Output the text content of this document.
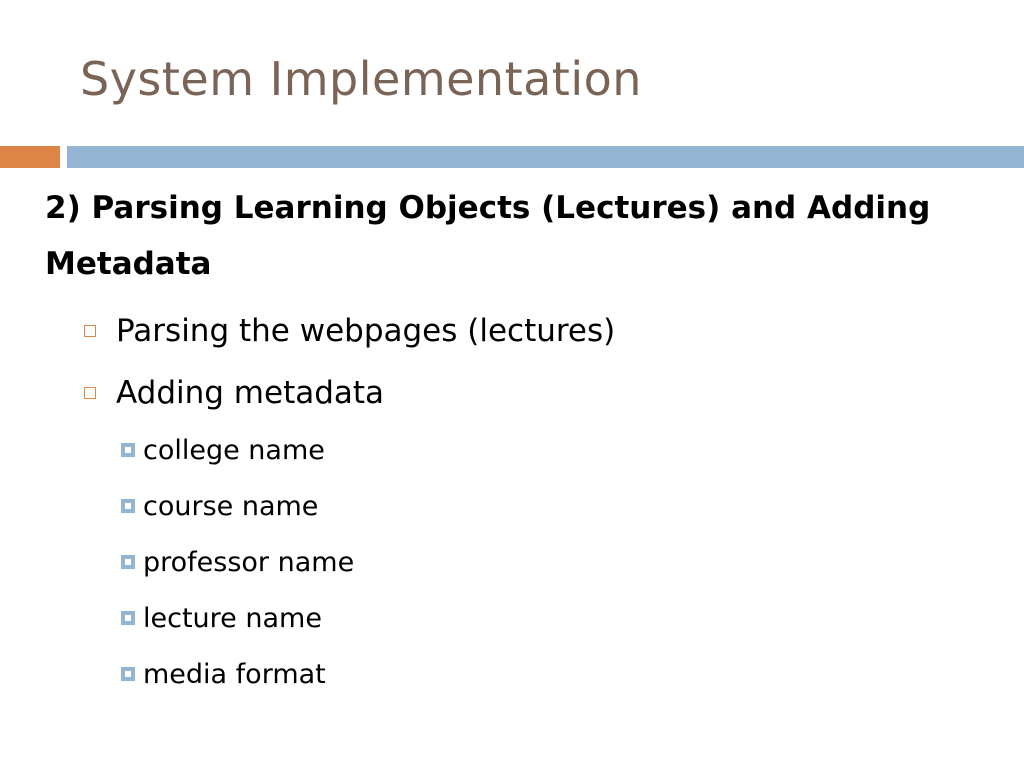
System Implementation
2) Parsing Learning Objects (Lectures) and Adding Metadata
Parsing the webpages (lectures)
Adding metadata
college name
course name
professor name
lecture name
media format
